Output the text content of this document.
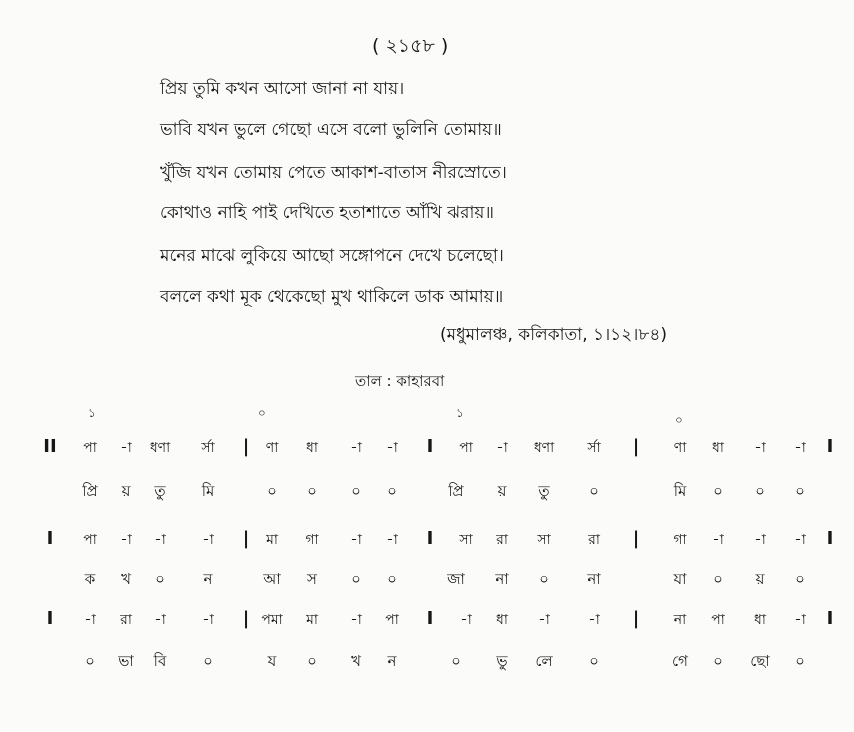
( ২১৫৮ )
প্রিয় তুমি কখন আসো জানা না যায়।
ভাবি যখন ভুলে গেছো এসে বলো ভুলিনি তোমায়॥
খুঁজি যখন তোমায় পেতে আকাশ-বাতাস নীরস্রোতে।
কোথাও নাহি পাই দেখিতে হতাশাতে আঁখি ঝরায়॥
মনের মাঝে লুকিয়ে আছো সঙ্গোপনে দেখে চলেছো।
বললে কথা মূক থেকেছো মুখ থাকিলে ডাক আমায়॥
(মধুমালঞ্চ, কলিকাতা, ১।১২।৮৪)
তাল : কাহারবা
১	০	১	০
II পা -া ধণা র্সা | ণা ধা -া -া I পা -া ধণা র্সা | ণা ধা -া -া I
প্রি য় তু মি	০ ০ ০ ০	প্রি য় তু	০	মি ০ ০ ০
I পা -া -া	-া | মা গা -া -া I সা রা সা	রা | গা -া -া -া I
ক খ ০	ন	আ স ০ ০	জা না ০	না	যা ০ য় ০
I -া রা -া	-া | পমা মা -া পা I -া ধা -া	-া | না পা ধা -া I
০ ভা বি ০	য ০ খ ন	০ ভু লে ০	গে ০ ছো ০
